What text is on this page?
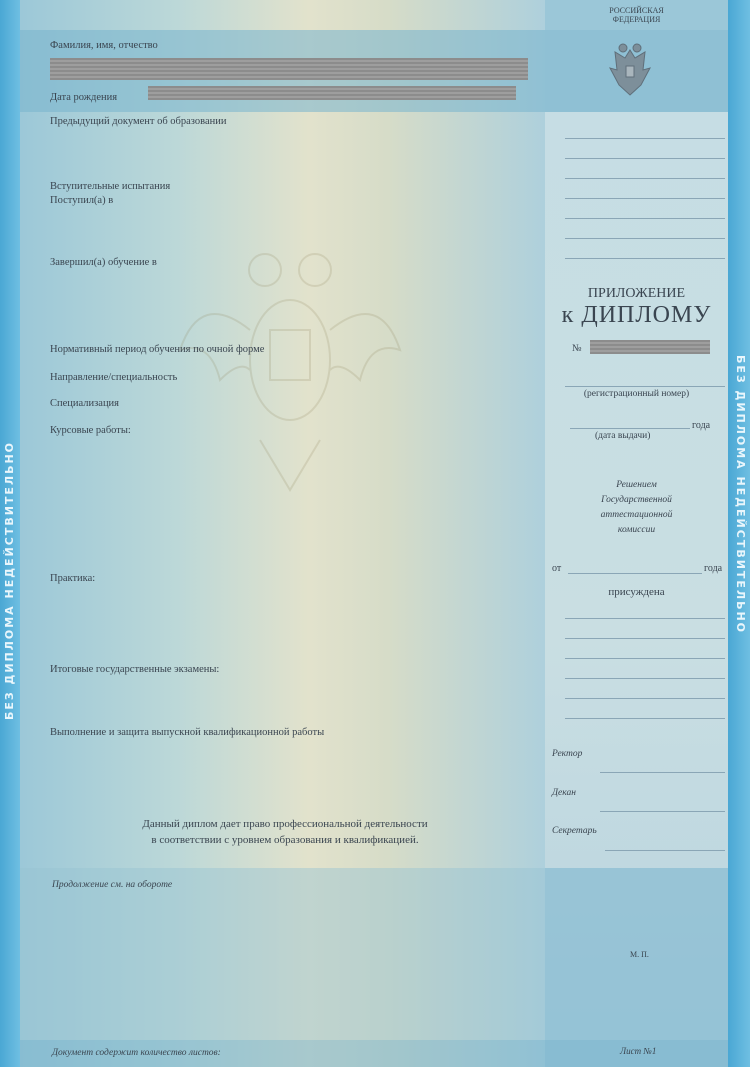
БЕЗ ДИПЛОМА НЕДЕЙСТВИТЕЛЬНО	БЕЗ ДИПЛОМА НЕДЕЙСТВИТЕЛЬНО
Фамилия, имя, отчество
Дата рождения
Предыдущий документ об образовании
Вступительные испытания
Поступил(а) в
Завершил(а) обучение в
Нормативный период обучения по очной форме
Направление/специальность
Специализация
Курсовые работы:
Практика:
Итоговые государственные экзамены:
Выполнение и защита выпускной квалификационной работы
Данный диплом дает право профессиональной деятельности
в соответствии с уровнем образования и квалификацией.
Продолжение см. на обороте
Документ содержит количество листов:
РОССИЙСКАЯ
ФЕДЕРАЦИЯ
ПРИЛОЖЕНИЕ
к ДИПЛОМУ
№
(регистрационный номер)
года
(дата выдачи)
Решением
Государственной
аттестационной
комиссии
от	года
присуждена
Ректор
Декан
Секретарь
М. П.
Лист №1
